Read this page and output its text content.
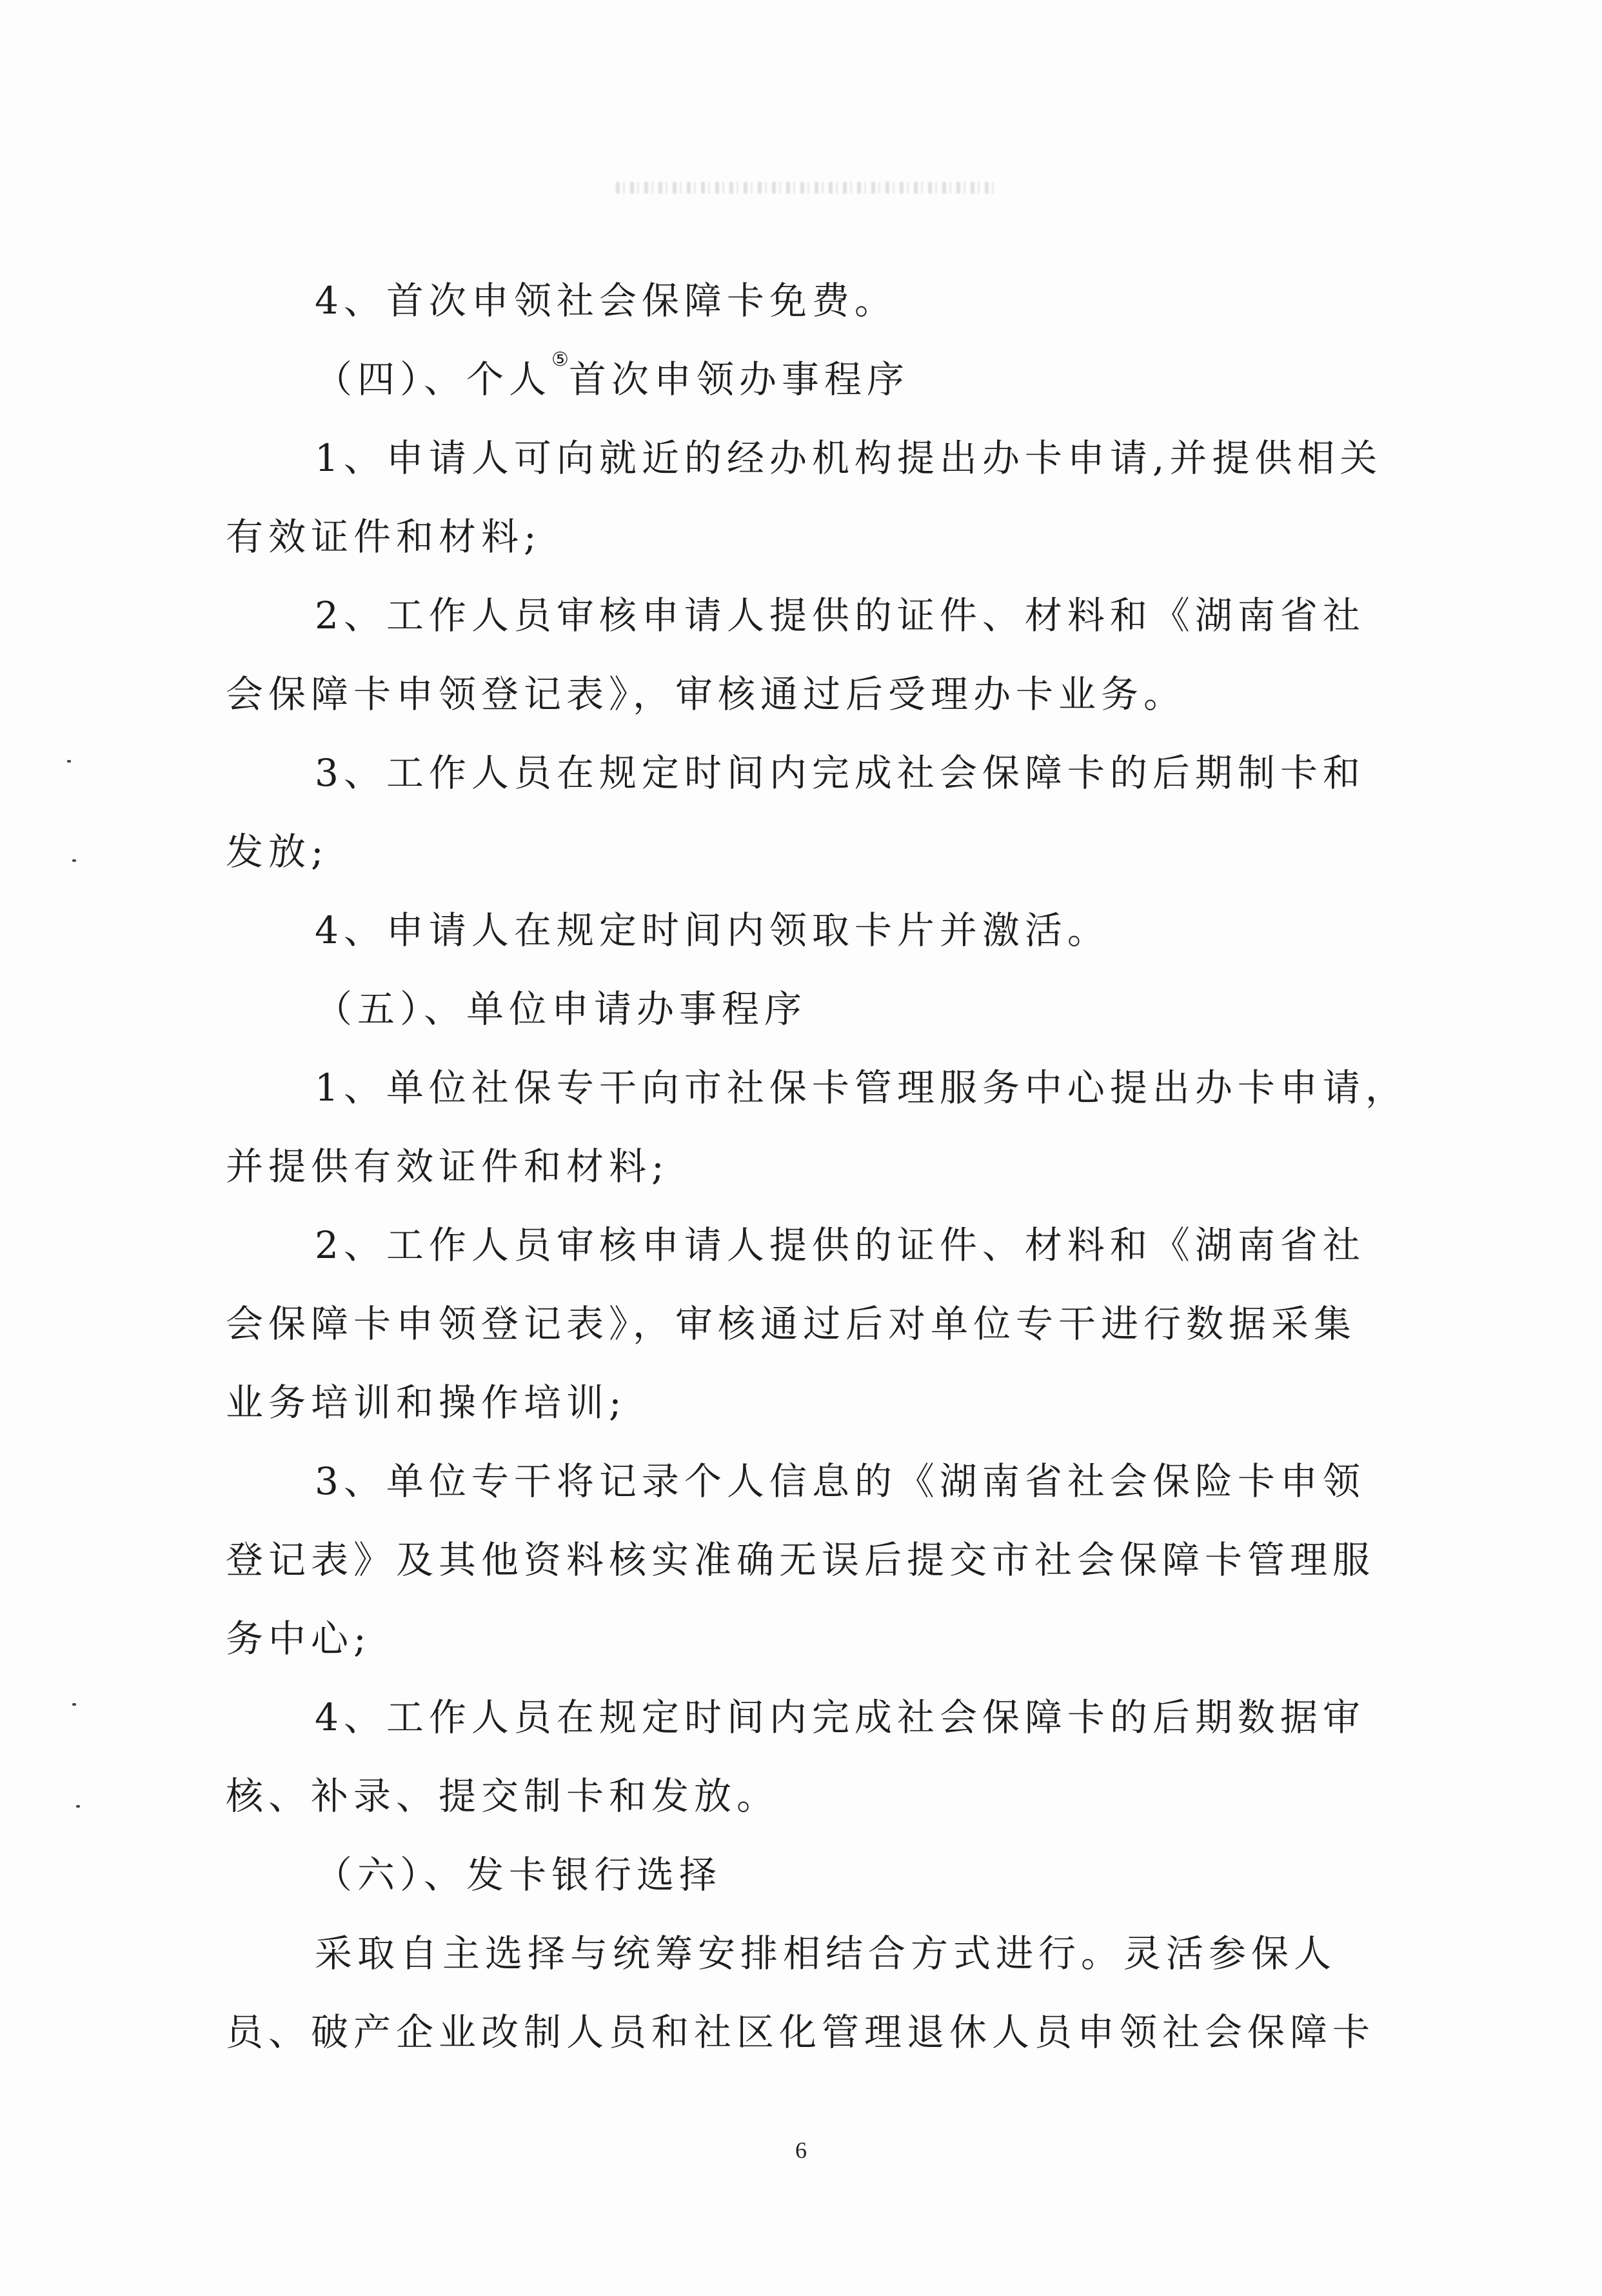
4、首次申领社会保障卡免费。

（四）、个人⑤首次申领办事程序

1、申请人可向就近的经办机构提出办卡申请,并提供相关

有效证件和材料;

2、工作人员审核申请人提供的证件、材料和《湖南省社

会保障卡申领登记表》，审核通过后受理办卡业务。

3、工作人员在规定时间内完成社会保障卡的后期制卡和

发放;

4、申请人在规定时间内领取卡片并激活。

（五）、单位申请办事程序

1、单位社保专干向市社保卡管理服务中心提出办卡申请，

并提供有效证件和材料;

2、工作人员审核申请人提供的证件、材料和《湖南省社

会保障卡申领登记表》，审核通过后对单位专干进行数据采集

业务培训和操作培训;

3、单位专干将记录个人信息的《湖南省社会保险卡申领

登记表》及其他资料核实准确无误后提交市社会保障卡管理服

务中心;

4、工作人员在规定时间内完成社会保障卡的后期数据审

核、补录、提交制卡和发放。

（六）、发卡银行选择

采取自主选择与统筹安排相结合方式进行。灵活参保人

员、破产企业改制人员和社区化管理退休人员申领社会保障卡

6
